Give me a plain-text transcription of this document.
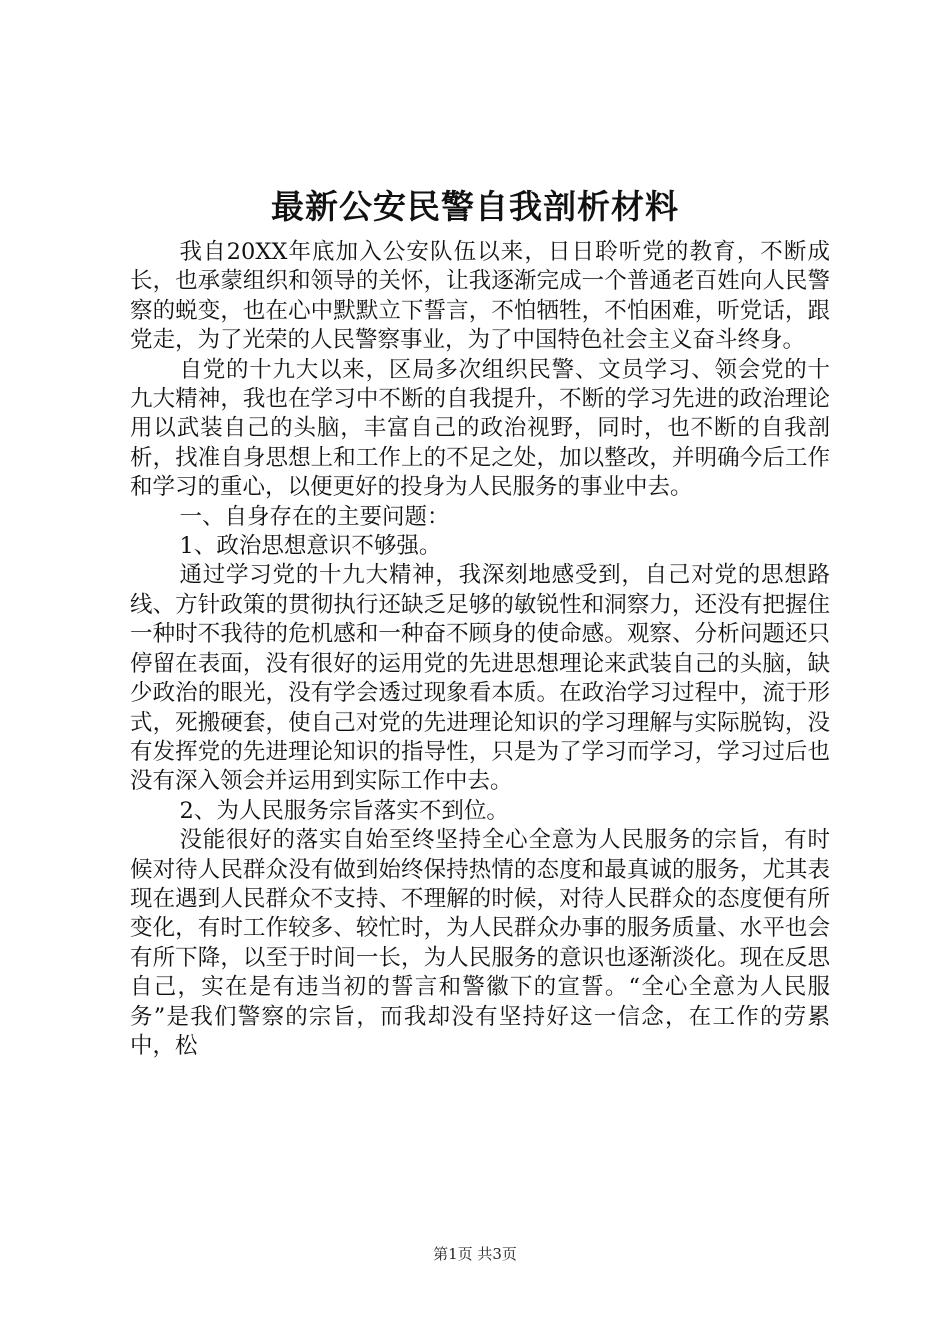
最新公安民警自我剖析材料

我自20XX年底加入公安队伍以来，日日聆听党的教育，不断成长，也承蒙组织和领导的关怀，让我逐渐完成一个普通老百姓向人民警察的蜕变，也在心中默默立下誓言，不怕牺牲，不怕困难，听党话，跟党走，为了光荣的人民警察事业，为了中国特色社会主义奋斗终身。

自党的十九大以来，区局多次组织民警、文员学习、领会党的十九大精神，我也在学习中不断的自我提升，不断的学习先进的政治理论用以武装自己的头脑，丰富自己的政治视野，同时，也不断的自我剖析，找准自身思想上和工作上的不足之处，加以整改，并明确今后工作和学习的重心，以便更好的投身为人民服务的事业中去。

一、自身存在的主要问题：

1、政治思想意识不够强。

通过学习党的十九大精神，我深刻地感受到，自己对党的思想路线、方针政策的贯彻执行还缺乏足够的敏锐性和洞察力，还没有把握住一种时不我待的危机感和一种奋不顾身的使命感。观察、分析问题还只停留在表面，没有很好的运用党的先进思想理论来武装自己的头脑，缺少政治的眼光，没有学会透过现象看本质。在政治学习过程中，流于形式，死搬硬套，使自己对党的先进理论知识的学习理解与实际脱钩，没有发挥党的先进理论知识的指导性，只是为了学习而学习，学习过后也没有深入领会并运用到实际工作中去。

2、为人民服务宗旨落实不到位。

没能很好的落实自始至终坚持全心全意为人民服务的宗旨，有时候对待人民群众没有做到始终保持热情的态度和最真诚的服务，尤其表现在遇到人民群众不支持、不理解的时候，对待人民群众的态度便有所变化，有时工作较多、较忙时，为人民群众办事的服务质量、水平也会有所下降，以至于时间一长，为人民服务的意识也逐渐淡化。现在反思自己，实在是有违当初的誓言和警徽下的宣誓。“全心全意为人民服务”是我们警察的宗旨，而我却没有坚持好这一信念，在工作的劳累中，松

第1页 共3页
